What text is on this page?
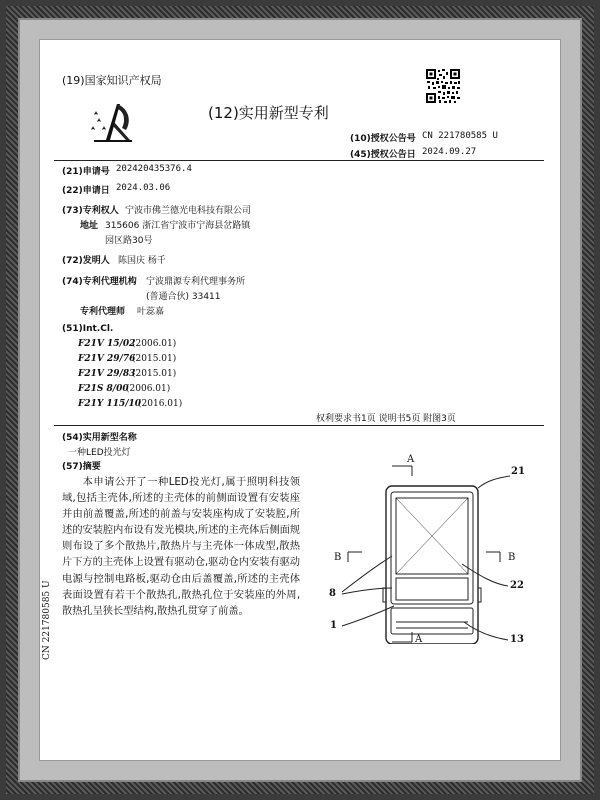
(19)国家知识产权局
(12)实用新型专利
(10)授权公告号 CN 221780585 U
(45)授权公告日 2024.09.27
(21)申请号 202420435376.4
(22)申请日 2024.03.06
(73)专利权人 宁波市佛兰德光电科技有限公司
地址 315606 浙江省宁波市宁海县岔路镇
园区路30号
(72)发明人 陈国庆 杨千
(74)专利代理机构 宁波鼎源专利代理事务所
(普通合伙) 33411
专利代理师 叶蕊嘉
(51)Int.Cl.
F21V 15/02
(2006.01)
F21V 29/76
(2015.01)
F21V 29/83
(2015.01)
F21S 8/00
(2006.01)
F21Y 115/10
(2016.01)
权利要求书1页 说明书5页 附图3页
(54)实用新型名称
一种LED投光灯
(57)摘要
本申请公开了一种LED投光灯,属于照明科技领域,包括主壳体,所述的主壳体的前侧面设置有安装座并由前盖覆盖,所述的前盖与安装座构成了安装腔,所述的安装腔内布设有发光模块,所述的主壳体后侧面规则布设了多个散热片,散热片与主壳体一体成型,散热片下方的主壳体上设置有驱动仓,驱动仓内安装有驱动电源与控制电路板,驱动仓由后盖覆盖,所述的主壳体表面设置有若干个散热孔,散热孔位于安装座的外周,散热孔呈狭长型结构,散热孔贯穿了前盖。
A
A
B	B
21
22
13
8
1
CN 221780585 U
